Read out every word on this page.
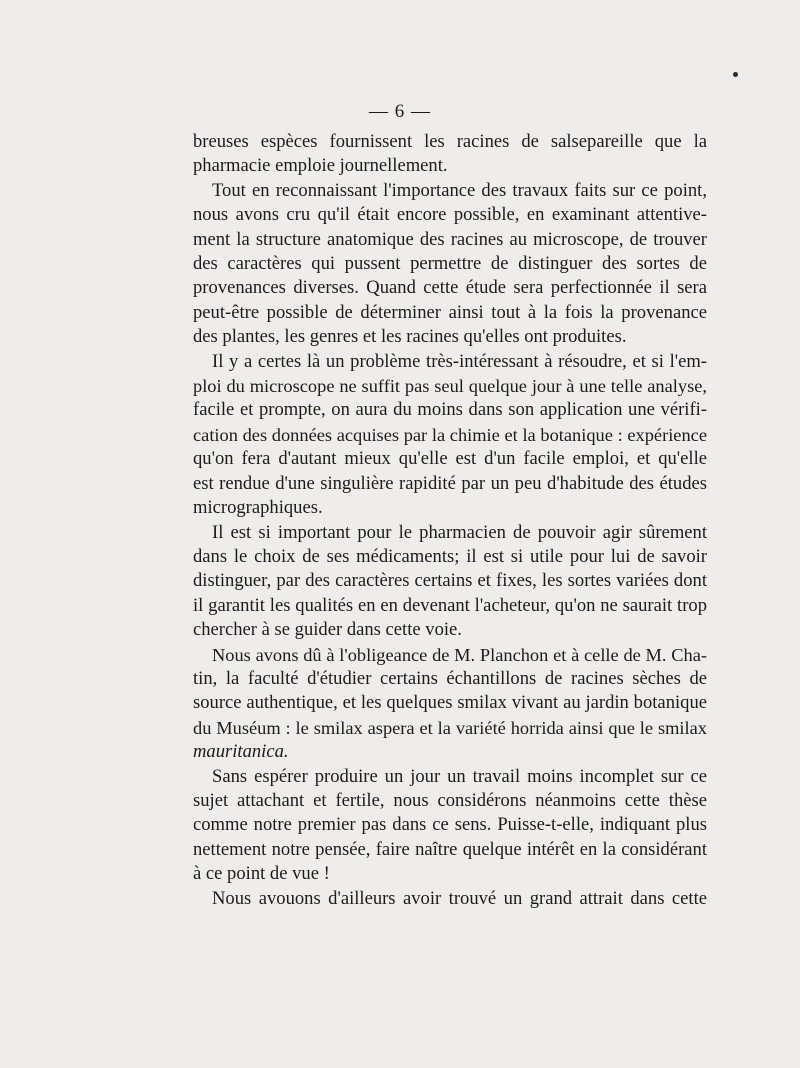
— 6 —
breuses espèces fournissent les racines de salsepareille que la
pharmacie emploie journellement.
Tout en reconnaissant l'importance des travaux faits sur ce point,
nous avons cru qu'il était encore possible, en examinant attentive-
ment la structure anatomique des racines au microscope, de trouver
des caractères qui pussent permettre de distinguer des sortes de
provenances diverses. Quand cette étude sera perfectionnée il sera
peut-être possible de déterminer ainsi tout à la fois la provenance
des plantes, les genres et les racines qu'elles ont produites.
Il y a certes là un problème très-intéressant à résoudre, et si l'em-
ploi du microscope ne suffit pas seul quelque jour à une telle analyse,
facile et prompte, on aura du moins dans son application une vérifi-
cation des données acquises par la chimie et la botanique : expérience
qu'on fera d'autant mieux qu'elle est d'un facile emploi, et qu'elle
est rendue d'une singulière rapidité par un peu d'habitude des études
micrographiques.
Il est si important pour le pharmacien de pouvoir agir sûrement
dans le choix de ses médicaments; il est si utile pour lui de savoir
distinguer, par des caractères certains et fixes, les sortes variées dont
il garantit les qualités en en devenant l'acheteur, qu'on ne saurait trop
chercher à se guider dans cette voie.
Nous avons dû à l'obligeance de M. Planchon et à celle de M. Cha-
tin, la faculté d'étudier certains échantillons de racines sèches de
source authentique, et les quelques smilax vivant au jardin botanique
du Muséum : le smilax aspera et la variété horrida ainsi que le smilax
mauritanica.
Sans espérer produire un jour un travail moins incomplet sur ce
sujet attachant et fertile, nous considérons néanmoins cette thèse
comme notre premier pas dans ce sens. Puisse-t-elle, indiquant plus
nettement notre pensée, faire naître quelque intérêt en la considérant
à ce point de vue !
Nous avouons d'ailleurs avoir trouvé un grand attrait dans cette
